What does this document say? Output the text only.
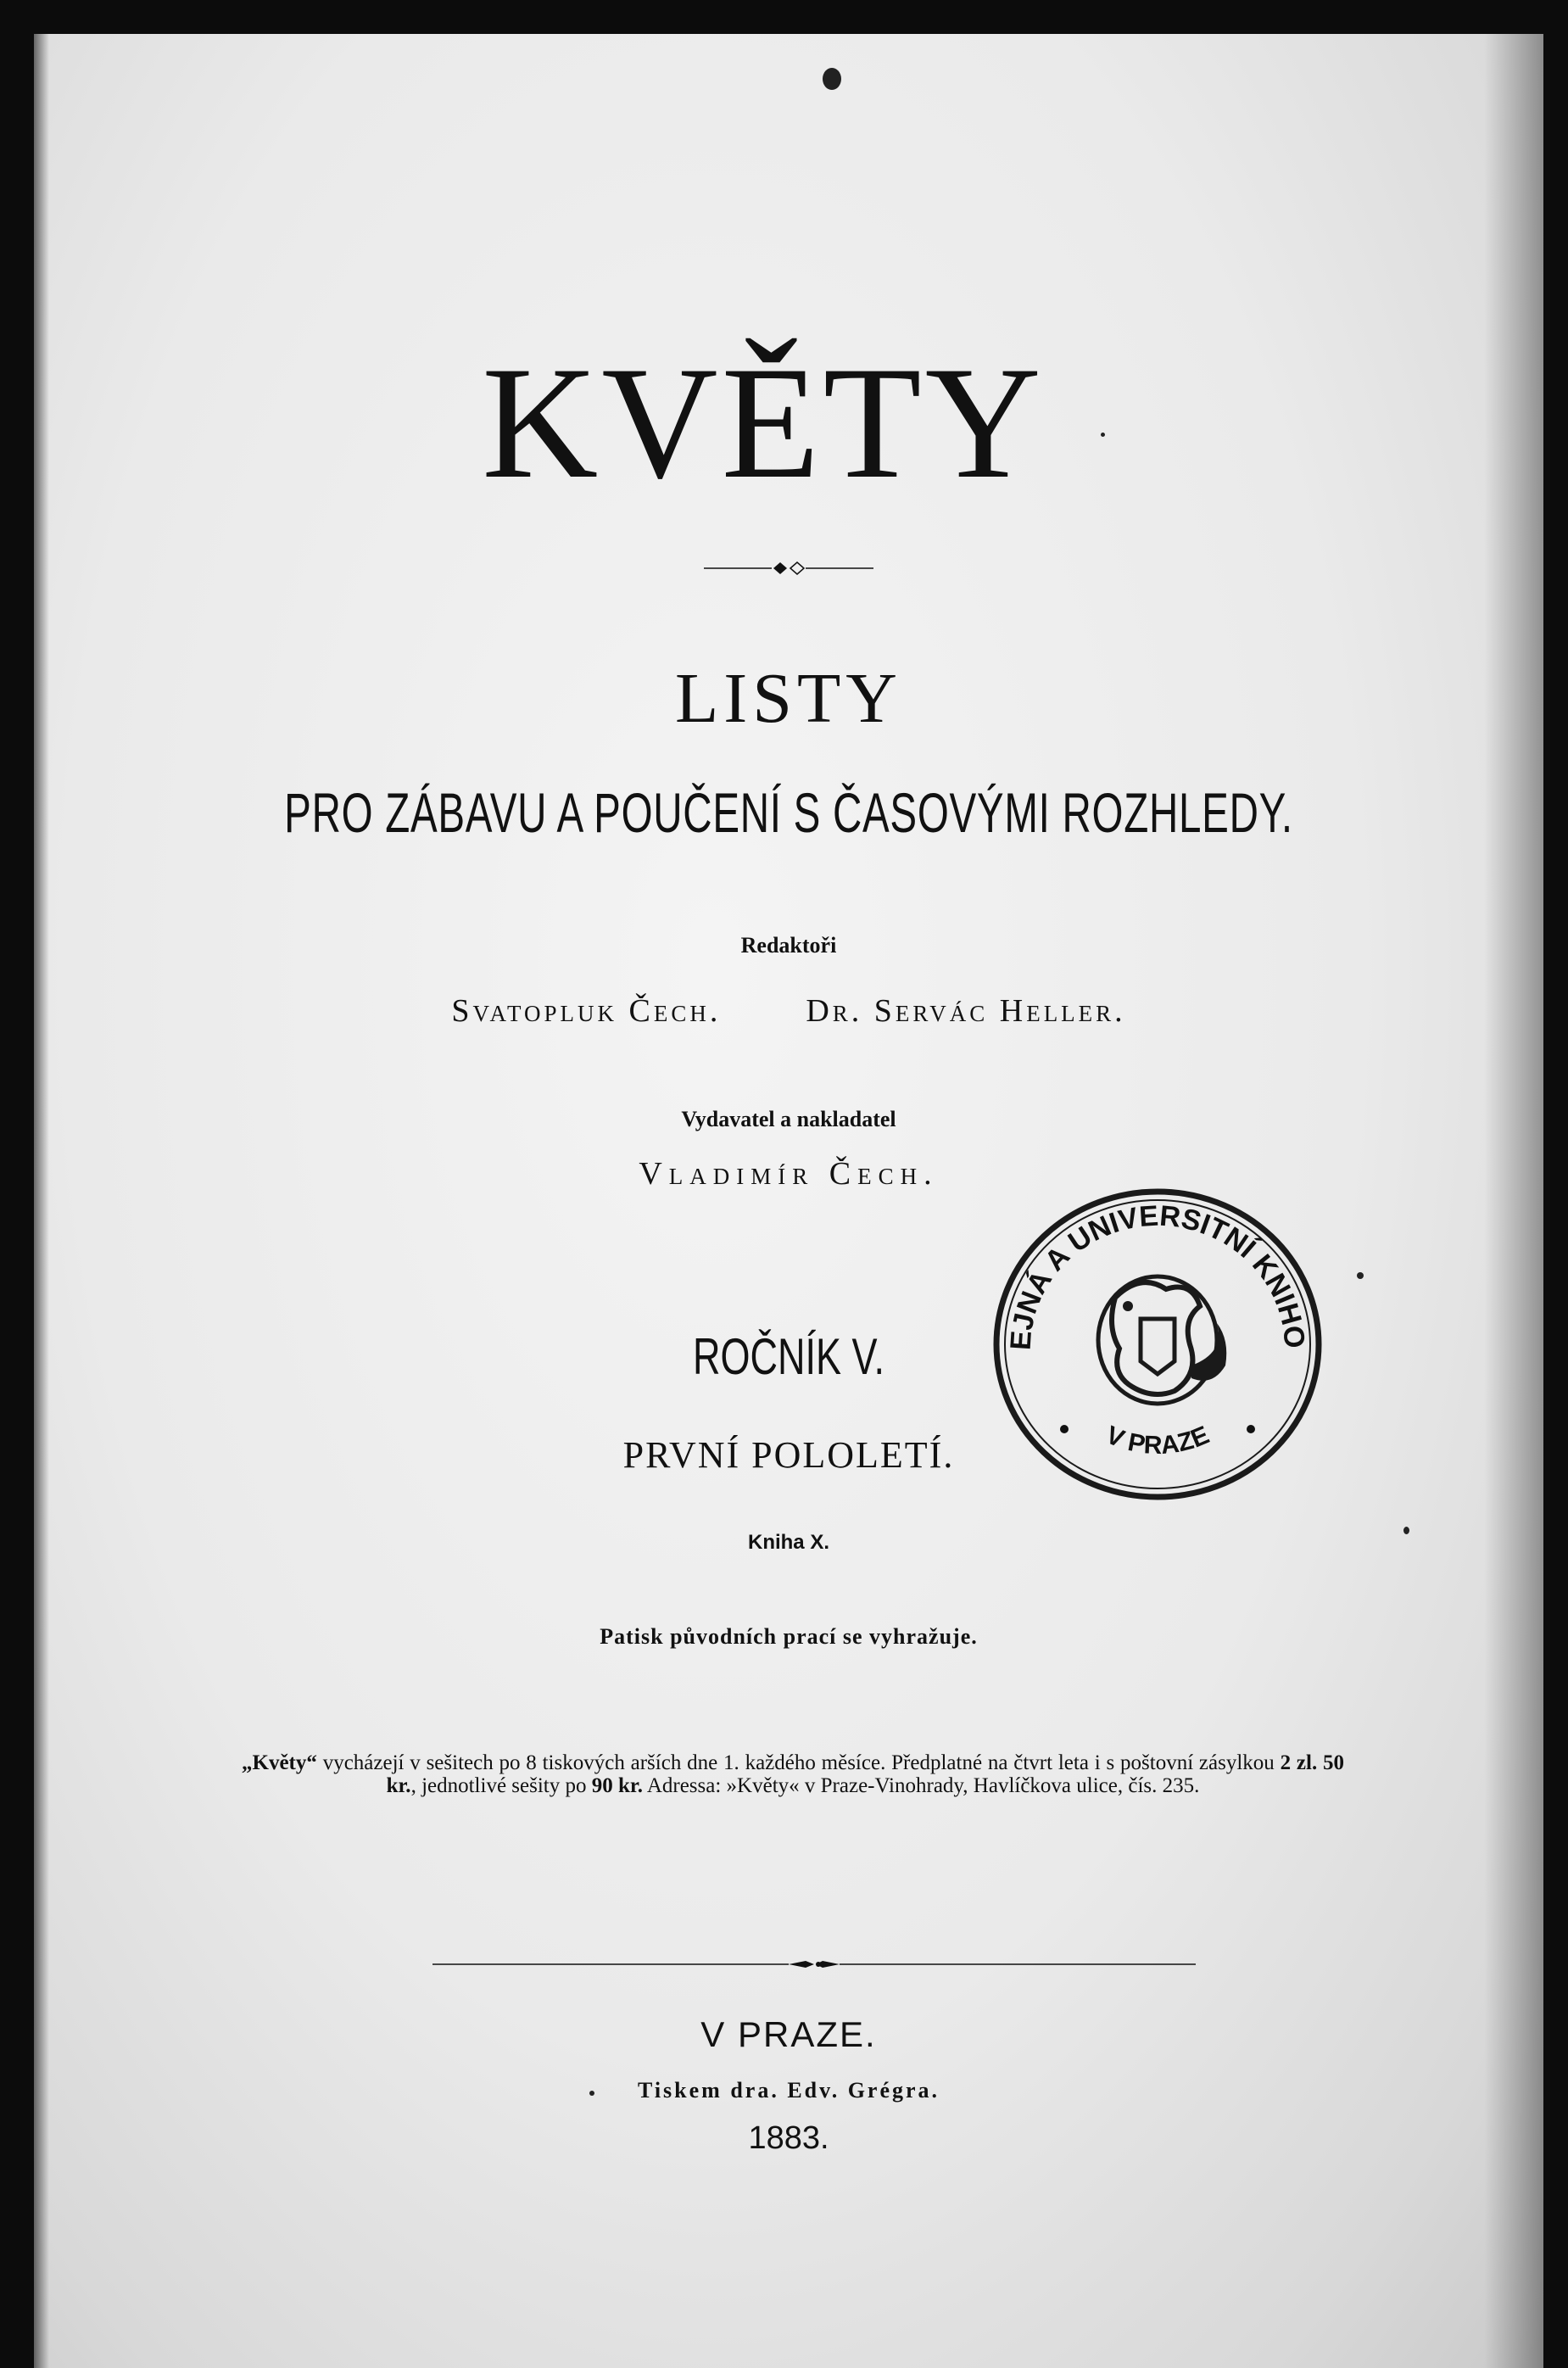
KVĚTY
LISTY
PRO ZÁBAVU A POUČENÍ S ČASOVÝMI ROZHLEDY.
Redaktoři
Svatopluk Čech.	Dr. Servác Heller.
Vydavatel a nakladatel
Vladimír Čech.
ROČNÍK V.
PRVNÍ POLOLETÍ.
Kniha X.
Patisk původních prací se vyhražuje.
„Květy“ vycházejí v sešitech po 8 tiskových arších dne 1. každého měsíce. Předplatné na čtvrt leta i s poštovní zásylkou 2 zl. 50 kr., jednotlivé sešity po 90 kr. Adressa: »Květy« v Praze-Vinohrady, Havlíčkova ulice, čís. 235.
V PRAZE.
Tiskem dra. Edv. Grégra.
1883.
EJNÁ A UNIVERSITNÍ KNIHO
V PRAZE
